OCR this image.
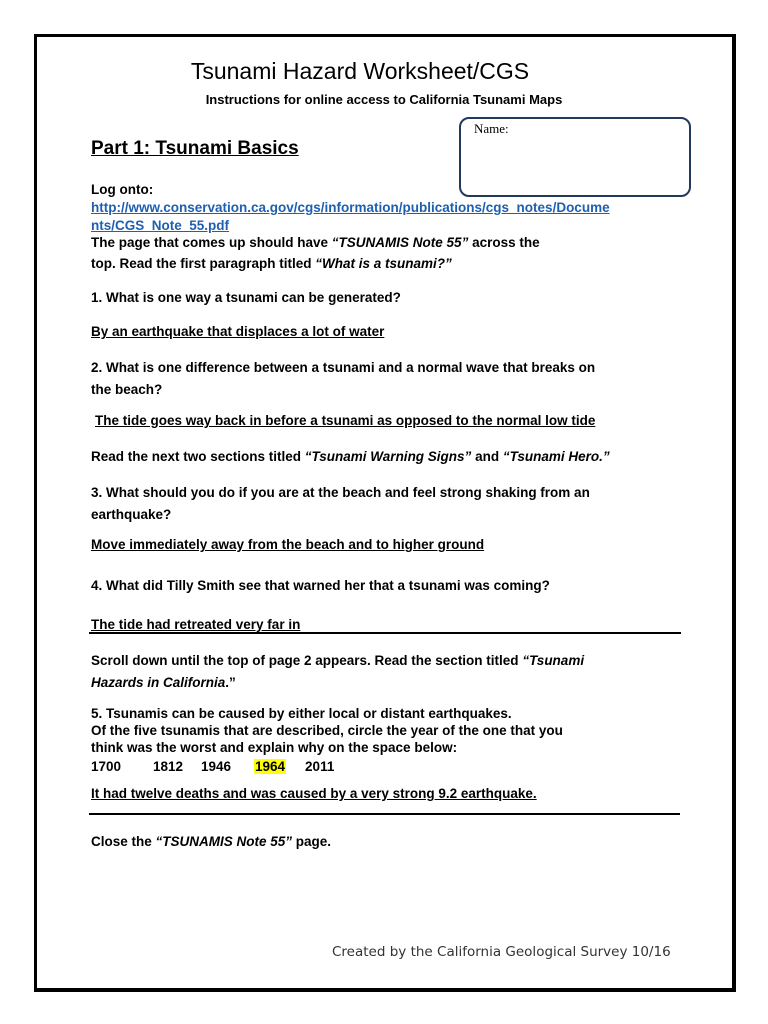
Tsunami Hazard Worksheet/CGS
Instructions for online access to California Tsunami Maps
Name:
Part 1: Tsunami Basics
Log onto:
http://www.conservation.ca.gov/cgs/information/publications/cgs_notes/Docume
nts/CGS_Note_55.pdf
The page that comes up should have “TSUNAMIS Note 55” across the
top. Read the first paragraph titled “What is a tsunami?”
1. What is one way a tsunami can be generated?
By an earthquake that displaces a lot of water
2. What is one difference between a tsunami and a normal wave that breaks on
the beach?
The tide goes way back in before a tsunami as opposed to the normal low tide
Read the next two sections titled “Tsunami Warning Signs” and “Tsunami Hero.”
3. What should you do if you are at the beach and feel strong shaking from an
earthquake?
Move immediately away from the beach and to higher ground
4. What did Tilly Smith see that warned her that a tsunami was coming?
The tide had retreated very far in
Scroll down until the top of page 2 appears. Read the section titled “Tsunami
Hazards in California.”
5. Tsunamis can be caused by either local or distant earthquakes.
Of the five tsunamis that are described, circle the year of the one that you
think was the worst and explain why on the space below:
1700 1812 1946 1964 2011
It had twelve deaths and was caused by a very strong 9.2 earthquake.
Close the “TSUNAMIS Note 55” page.
Created by the California Geological Survey 10/16
